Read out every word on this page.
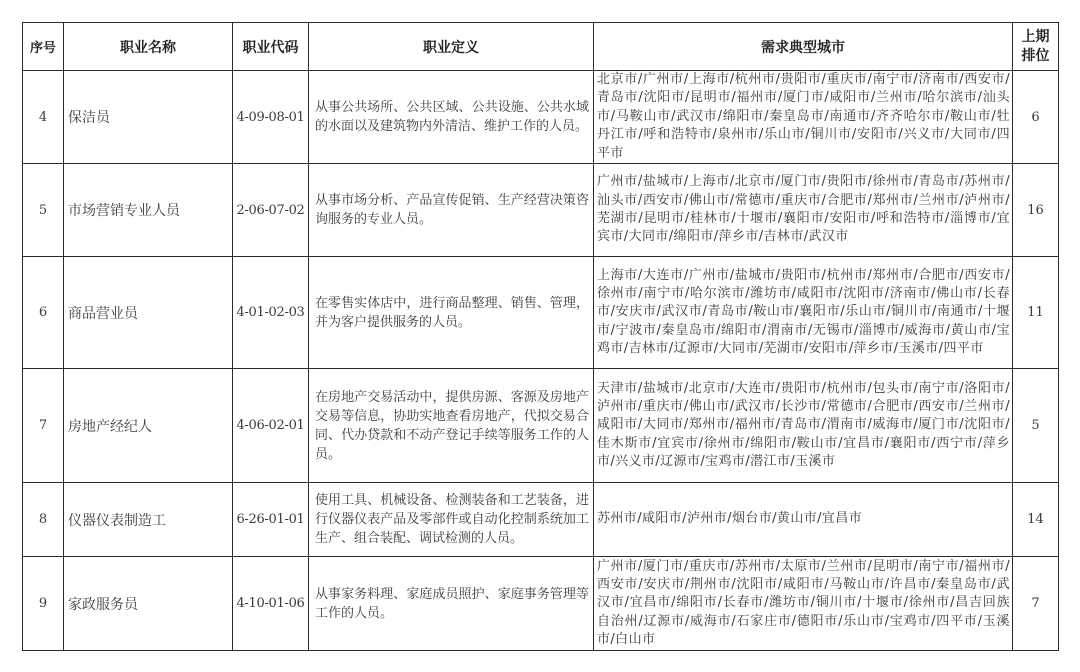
序号	职业名称	职业代码	职业定义	需求典型城市	上期排位
4	保洁员	4-09-08-01	从事公共场所、公共区域、公共设施、公共水域的水面以及建筑物内外清洁、维护工作的人员。	北京市/广州市/上海市/杭州市/贵阳市/重庆市/南宁市/济南市/西安市/青岛市/沈阳市/昆明市/福州市/厦门市/咸阳市/兰州市/哈尔滨市/汕头市/马鞍山市/武汉市/绵阳市/秦皇岛市/南通市/齐齐哈尔市/鞍山市/牡丹江市/呼和浩特市/泉州市/乐山市/铜川市/安阳市/兴义市/大同市/四平市	6
5	市场营销专业人员	2-06-07-02	从事市场分析、产品宣传促销、生产经营决策咨询服务的专业人员。	广州市/盐城市/上海市/北京市/厦门市/贵阳市/徐州市/青岛市/苏州市/汕头市/西安市/佛山市/常德市/重庆市/合肥市/郑州市/兰州市/泸州市/芜湖市/昆明市/桂林市/十堰市/襄阳市/安阳市/呼和浩特市/淄博市/宜宾市/大同市/绵阳市/萍乡市/吉林市/武汉市	16
6	商品营业员	4-01-02-03	在零售实体店中，进行商品整理、销售、管理，并为客户提供服务的人员。	上海市/大连市/广州市/盐城市/贵阳市/杭州市/郑州市/合肥市/西安市/徐州市/南宁市/哈尔滨市/潍坊市/咸阳市/沈阳市/济南市/佛山市/长春市/安庆市/武汉市/青岛市/鞍山市/襄阳市/乐山市/铜川市/南通市/十堰市/宁波市/秦皇岛市/绵阳市/渭南市/无锡市/淄博市/威海市/黄山市/宝鸡市/吉林市/辽源市/大同市/芜湖市/安阳市/萍乡市/玉溪市/四平市	11
7	房地产经纪人	4-06-02-01	在房地产交易活动中，提供房源、客源及房地产交易等信息，协助实地查看房地产，代拟交易合同、代办贷款和不动产登记手续等服务工作的人员。	天津市/盐城市/北京市/大连市/贵阳市/杭州市/包头市/南宁市/洛阳市/泸州市/重庆市/佛山市/武汉市/长沙市/常德市/合肥市/西安市/兰州市/咸阳市/大同市/郑州市/福州市/青岛市/渭南市/威海市/厦门市/沈阳市/佳木斯市/宜宾市/徐州市/绵阳市/鞍山市/宜昌市/襄阳市/西宁市/萍乡市/兴义市/辽源市/宝鸡市/潜江市/玉溪市	5
8	仪器仪表制造工	6-26-01-01	使用工具、机械设备、检测装备和工艺装备，进行仪器仪表产品及零部件或自动化控制系统加工生产、组合装配、调试检测的人员。	苏州市/咸阳市/泸州市/烟台市/黄山市/宜昌市	14
9	家政服务员	4-10-01-06	从事家务料理、家庭成员照护、家庭事务管理等工作的人员。	广州市/厦门市/重庆市/苏州市/太原市/兰州市/昆明市/南宁市/福州市/西安市/安庆市/荆州市/沈阳市/咸阳市/马鞍山市/许昌市/秦皇岛市/武汉市/宜昌市/绵阳市/长春市/潍坊市/铜川市/十堰市/徐州市/昌吉回族自治州/辽源市/威海市/石家庄市/德阳市/乐山市/宝鸡市/四平市/玉溪市/白山市	7
